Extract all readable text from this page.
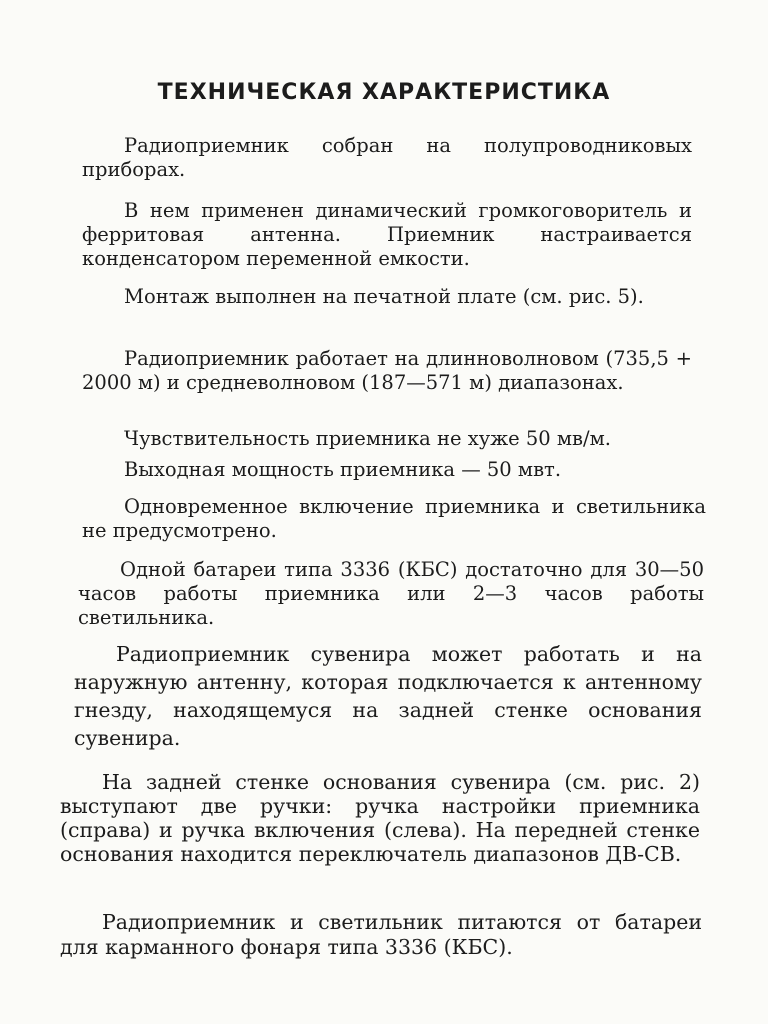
ТЕХНИЧЕСКАЯ ХАРАКТЕРИСТИКА

Радиоприемник собран на полупроводниковых приборах.

В нем применен динамический громкоговоритель и ферритовая антенна. Приемник настраивается конденсатором переменной емкости.

Монтаж выполнен на печатной плате (см. рис. 5).

Радиоприемник работает на длинноволновом (735,5 + 2000 м) и средневолновом (187—571 м) диапазонах.

Чувствительность приемника не хуже 50 мв/м.

Выходная мощность приемника — 50 мвт.

Одновременное включение приемника и светильника не предусмотрено.

Одной батареи типа 3336 (КБС) достаточно для 30—50 часов работы приемника или 2—3 часов работы светильника.

Радиоприемник сувенира может работать и на наружную антенну, которая подключается к антенному гнезду, находящемуся на задней стенке основания сувенира.

На задней стенке основания сувенира (см. рис. 2) выступают две ручки: ручка настройки приемника (справа) и ручка включения (слева). На передней стенке основания находится переключатель диапазонов ДВ-СВ.

Радиоприемник и светильник питаются от батареи для карманного фонаря типа 3336 (КБС).
